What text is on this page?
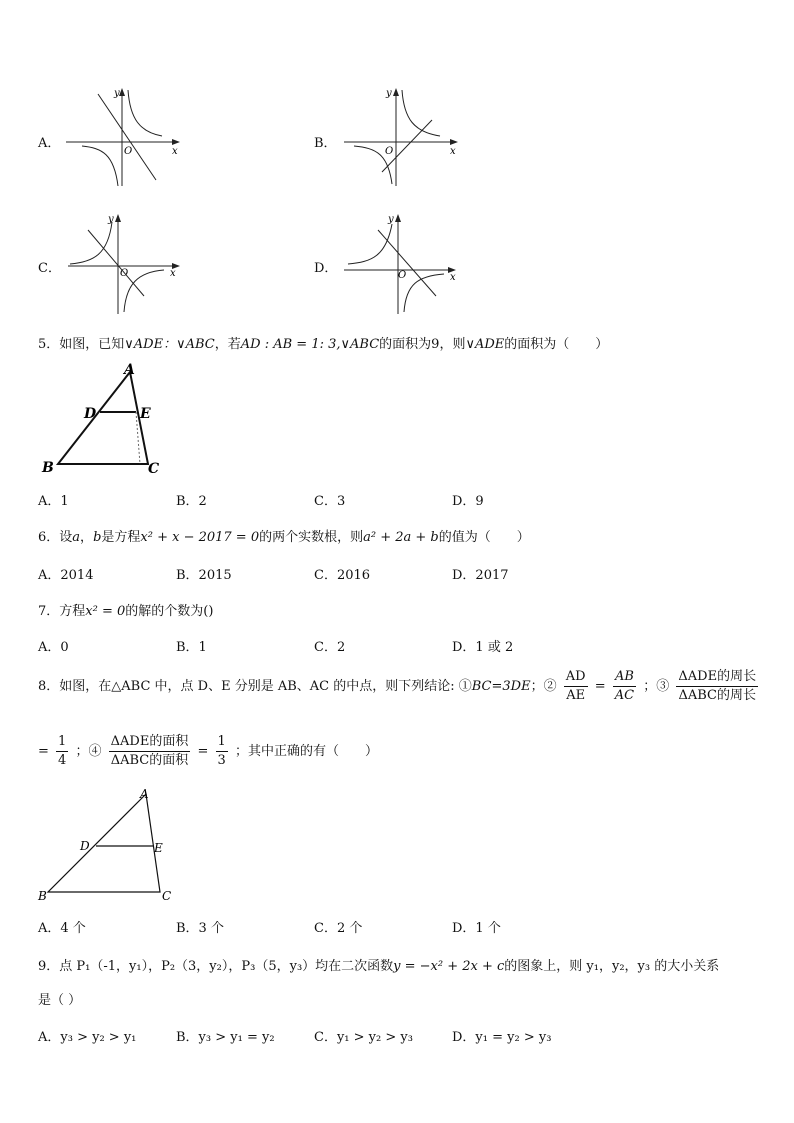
A．
x
y
O
B．
x
y
O
C．	x
y
O	D．
x
y
O
5．如图，已知∨ADE：∨ABC，若AD : AB = 1: 3,∨ABC的面积为9，则∨ADE的面积为（　　）
A
B	C
D	E
A．1	B．2	C．3	D．9
6．设a，b是方程x² + x − 2017 = 0的两个实数根，则a² + 2a + b的值为（　　）
A．2014	B．2015	C．2016	D．2017
7．方程x² = 0的解的个数为()
A．0	B．1	C．2	D．1 或 2
8．如图，在△ABC 中，点 D、E 分别是 AB、AC 的中点，则下列结论: ①BC=3DE；② $\frac{AD}{AE} = \frac{AB}{AC}$ ；③ $\frac{\text{ΔADE的周长}}{\text{ΔABC的周长}}$
= $\frac{1}{4}$ ；④ $\frac{\text{ΔADE的面积}}{\text{ΔABC的面积}} = \frac{1}{3}$ ；其中正确的有（　　）
A
B	C
D	E
A．4 个	B．3 个	C．2 个	D．1 个
9．点 P₁（-1，y₁），P₂（3，y₂），P₃（5，y₃）均在二次函数y = −x² + 2x + c的图象上，则 y₁，y₂，y₃ 的大小关系
是（ ）
A．y₃ > y₂ > y₁	B．y₃ > y₁ = y₂	C．y₁ > y₂ > y₃	D．y₁ = y₂ > y₃
